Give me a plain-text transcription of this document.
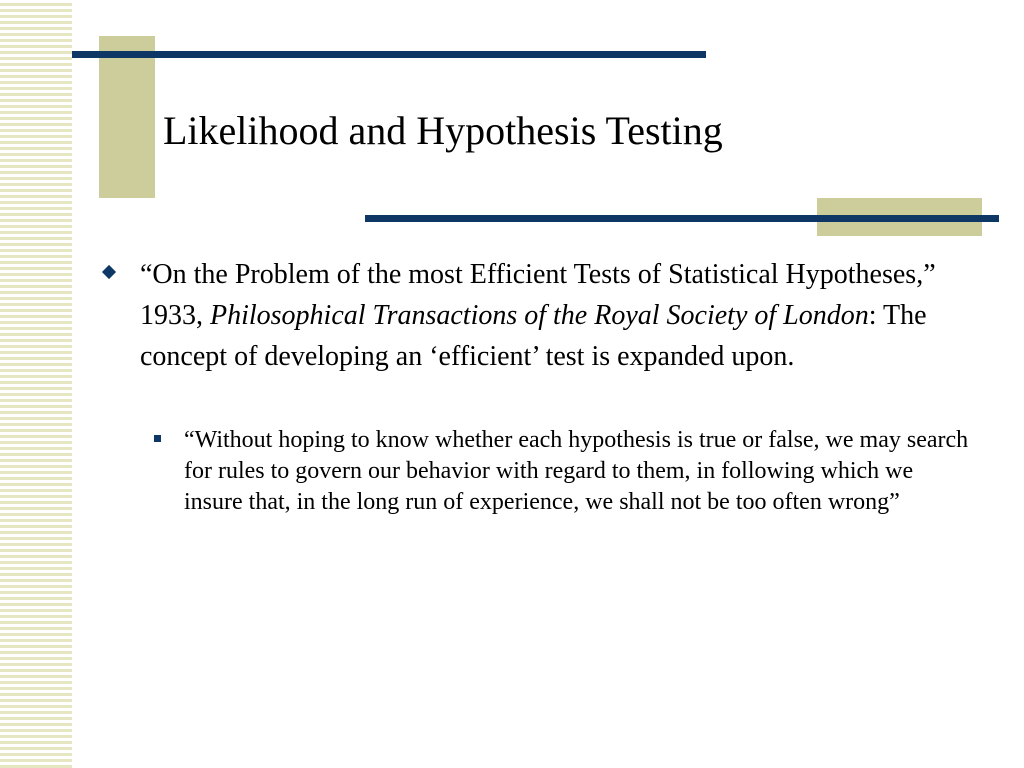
Likelihood and Hypothesis Testing
“On the Problem of the most Efficient Tests of Statistical Hypotheses,” 1933, Philosophical Transactions of the Royal Society of London: The concept of developing an ‘efficient’ test is expanded upon.
“Without hoping to know whether each hypothesis is true or false, we may search for rules to govern our behavior with regard to them, in following which we insure that, in the long run of experience, we shall not be too often wrong”
